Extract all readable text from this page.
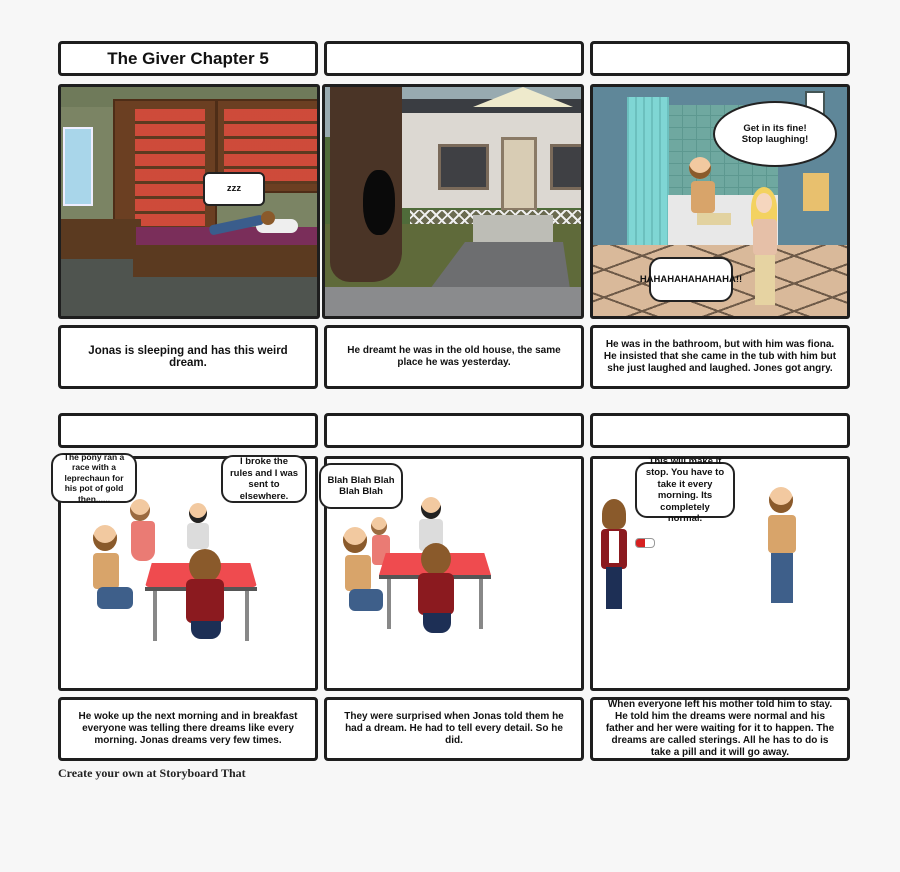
The Giver Chapter 5
zzz
Get in its fine! Stop laughing!
HAHAHAHAHAHAHA!!
Jonas is sleeping and has this weird dream.
He dreamt he was in the old house, the same place he was yesterday.
He was in the bathroom, but with him was fiona. He insisted that she came in the tub with him but she just laughed and laughed. Jones got angry.
The pony ran a race with a leprechaun for his pot of gold then......
I broke the rules and I was sent to elsewhere.
Blah Blah Blah Blah Blah
This will make it stop. You have to take it every morning. Its completely normal.
He woke up the next morning and in breakfast everyone was telling there dreams like every morning. Jonas dreams very few times.
They were surprised when Jonas told them he had a dream. He had to tell every detail. So he did.
When everyone left his mother told him to stay. He told him the dreams were normal and his father and her were waiting for it to happen. The dreams are called sterings. All he has to do is take a pill and it will go away.
Create your own at Storyboard That
